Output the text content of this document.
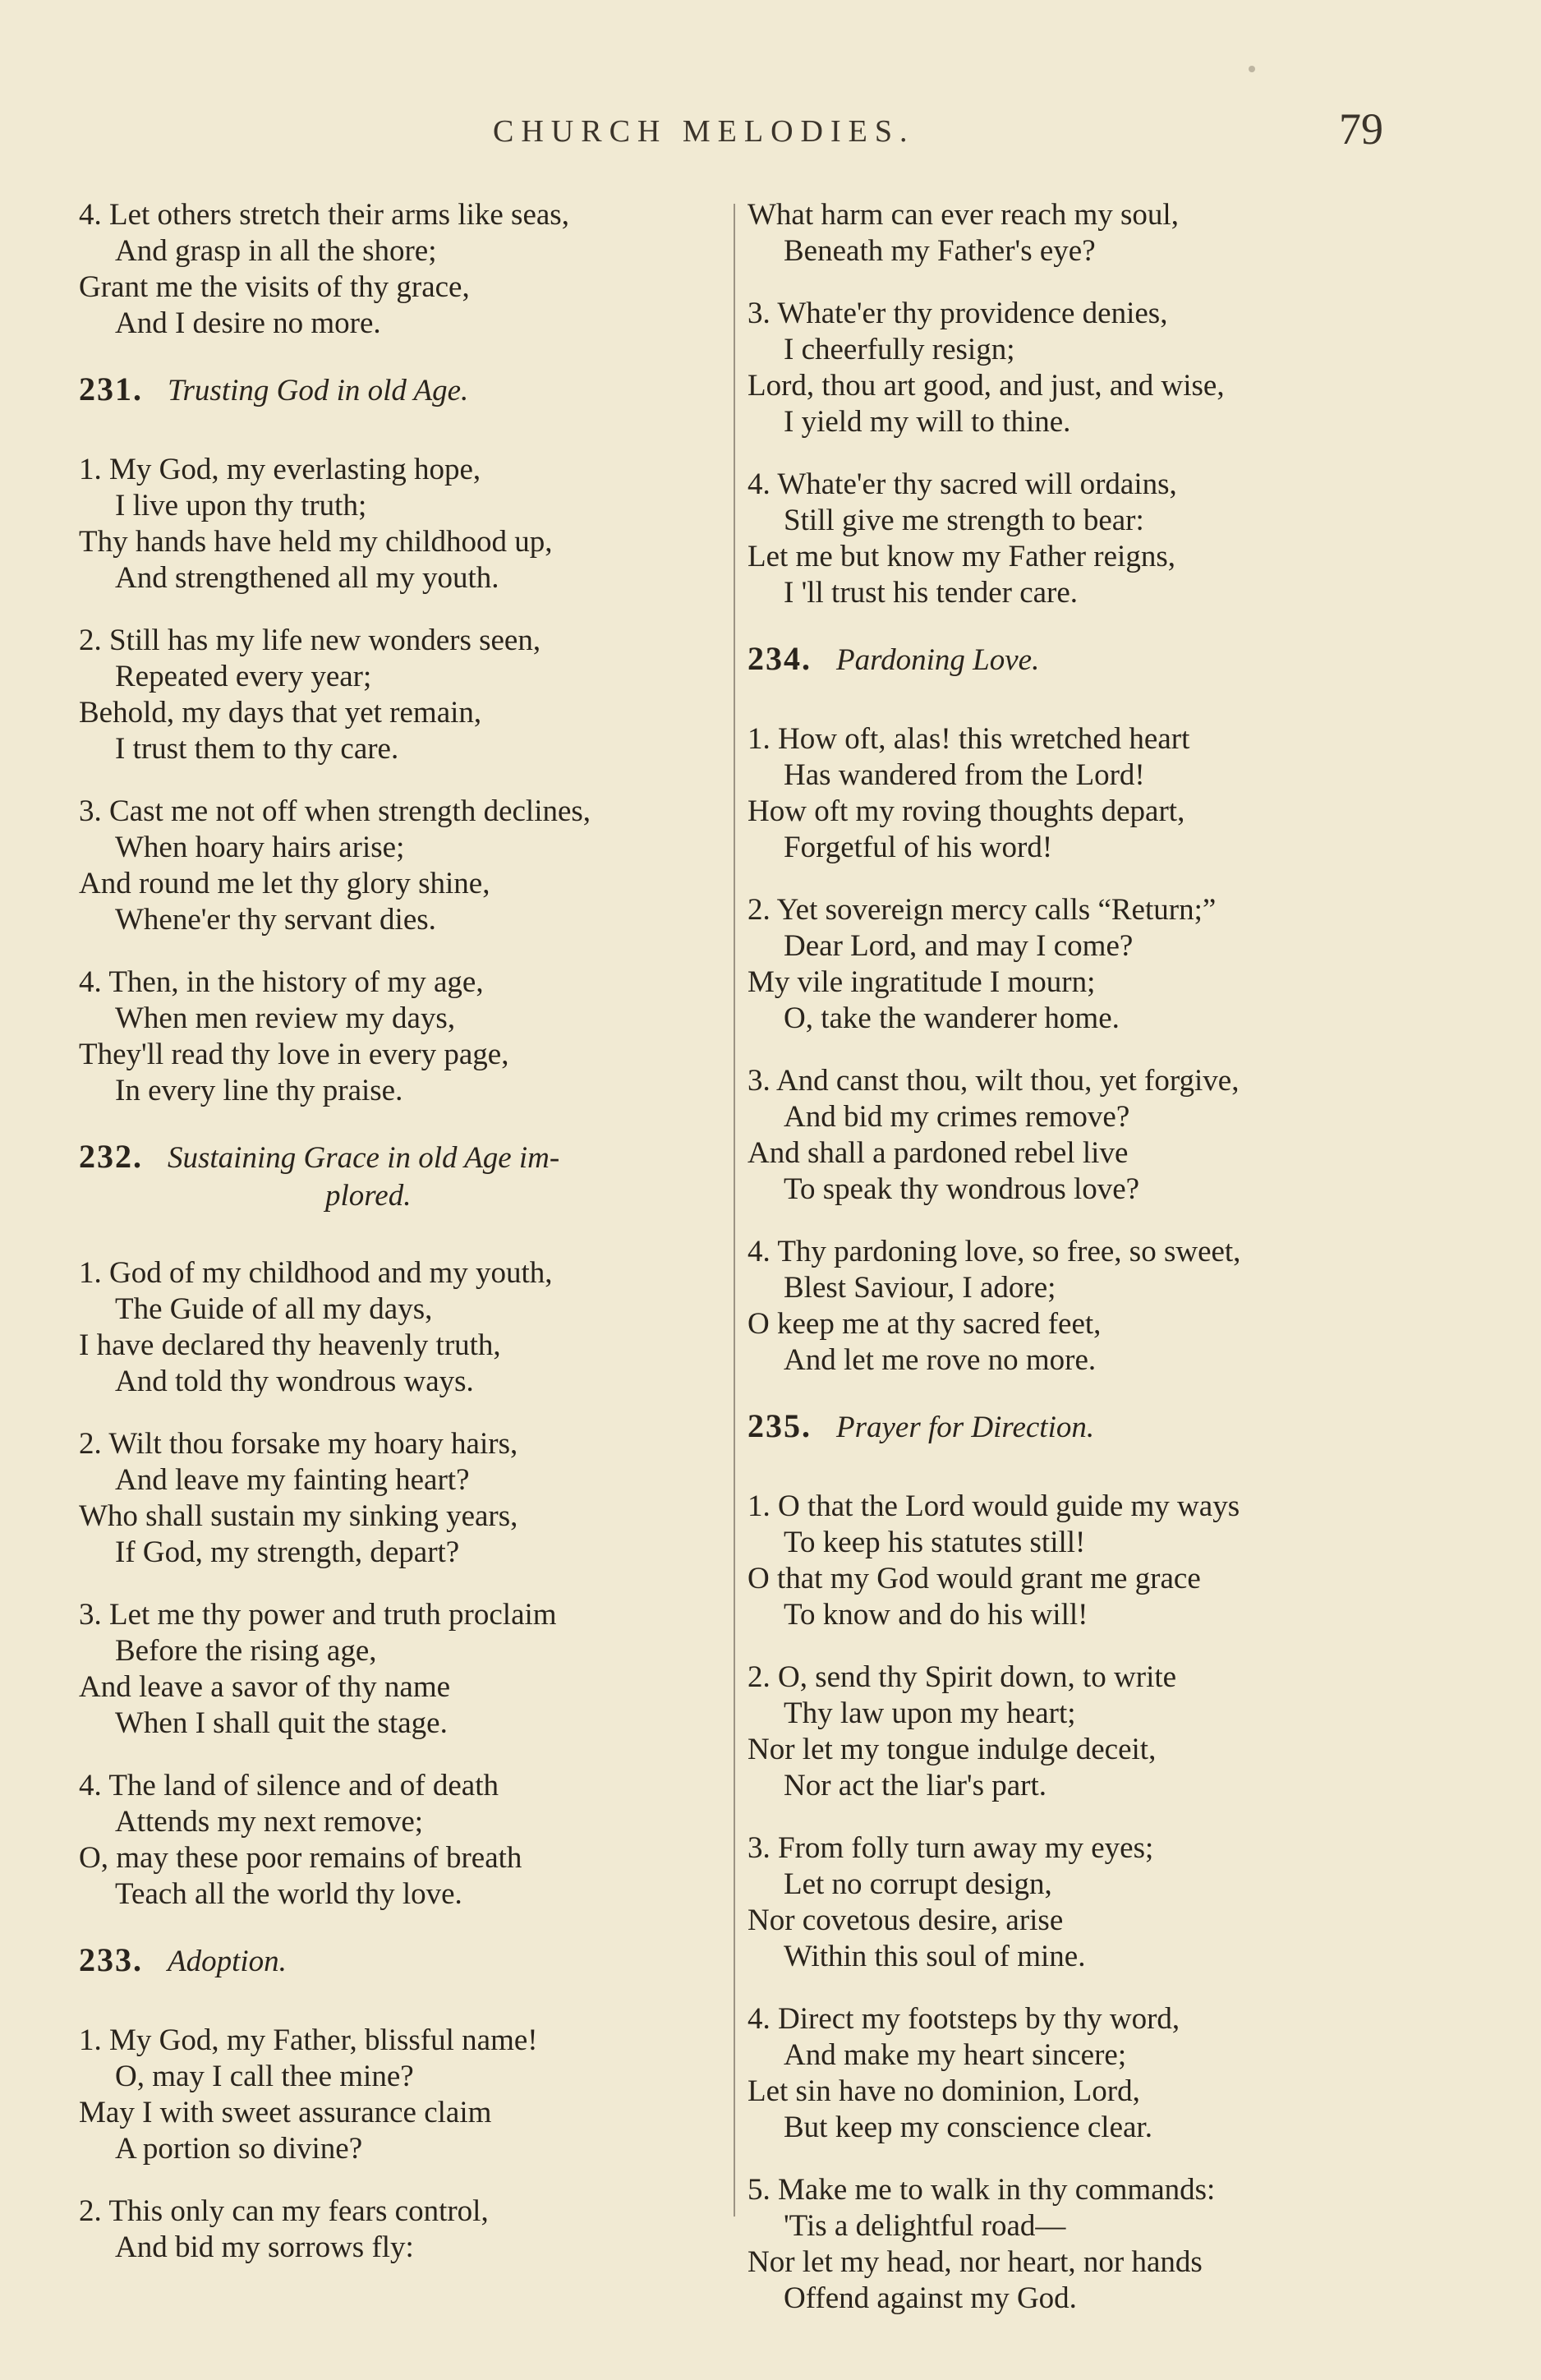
CHURCH MELODIES.	79
4. Let others stretch their arms like seas,
And grasp in all the shore;
Grant me the visits of thy grace,
And I desire no more.
231. Trusting God in old Age.
1. My God, my everlasting hope,
I live upon thy truth;
Thy hands have held my childhood up,
And strengthened all my youth.
2. Still has my life new wonders seen,
Repeated every year;
Behold, my days that yet remain,
I trust them to thy care.
3. Cast me not off when strength declines,
When hoary hairs arise;
And round me let thy glory shine,
Whene'er thy servant dies.
4. Then, in the history of my age,
When men review my days,
They'll read thy love in every page,
In every line thy praise.
232. Sustaining Grace in old Age im-
plored.
1. God of my childhood and my youth,
The Guide of all my days,
I have declared thy heavenly truth,
And told thy wondrous ways.
2. Wilt thou forsake my hoary hairs,
And leave my fainting heart?
Who shall sustain my sinking years,
If God, my strength, depart?
3. Let me thy power and truth proclaim
Before the rising age,
And leave a savor of thy name
When I shall quit the stage.
4. The land of silence and of death
Attends my next remove;
O, may these poor remains of breath
Teach all the world thy love.
233. Adoption.
1. My God, my Father, blissful name!
O, may I call thee mine?
May I with sweet assurance claim
A portion so divine?
2. This only can my fears control,
And bid my sorrows fly:
What harm can ever reach my soul,
Beneath my Father's eye?
3. Whate'er thy providence denies,
I cheerfully resign;
Lord, thou art good, and just, and wise,
I yield my will to thine.
4. Whate'er thy sacred will ordains,
Still give me strength to bear:
Let me but know my Father reigns,
I 'll trust his tender care.
234. Pardoning Love.
1. How oft, alas! this wretched heart
Has wandered from the Lord!
How oft my roving thoughts depart,
Forgetful of his word!
2. Yet sovereign mercy calls “Return;”
Dear Lord, and may I come?
My vile ingratitude I mourn;
O, take the wanderer home.
3. And canst thou, wilt thou, yet forgive,
And bid my crimes remove?
And shall a pardoned rebel live
To speak thy wondrous love?
4. Thy pardoning love, so free, so sweet,
Blest Saviour, I adore;
O keep me at thy sacred feet,
And let me rove no more.
235. Prayer for Direction.
1. O that the Lord would guide my ways
To keep his statutes still!
O that my God would grant me grace
To know and do his will!
2. O, send thy Spirit down, to write
Thy law upon my heart;
Nor let my tongue indulge deceit,
Nor act the liar's part.
3. From folly turn away my eyes;
Let no corrupt design,
Nor covetous desire, arise
Within this soul of mine.
4. Direct my footsteps by thy word,
And make my heart sincere;
Let sin have no dominion, Lord,
But keep my conscience clear.
5. Make me to walk in thy commands:
'Tis a delightful road—
Nor let my head, nor heart, nor hands
Offend against my God.
